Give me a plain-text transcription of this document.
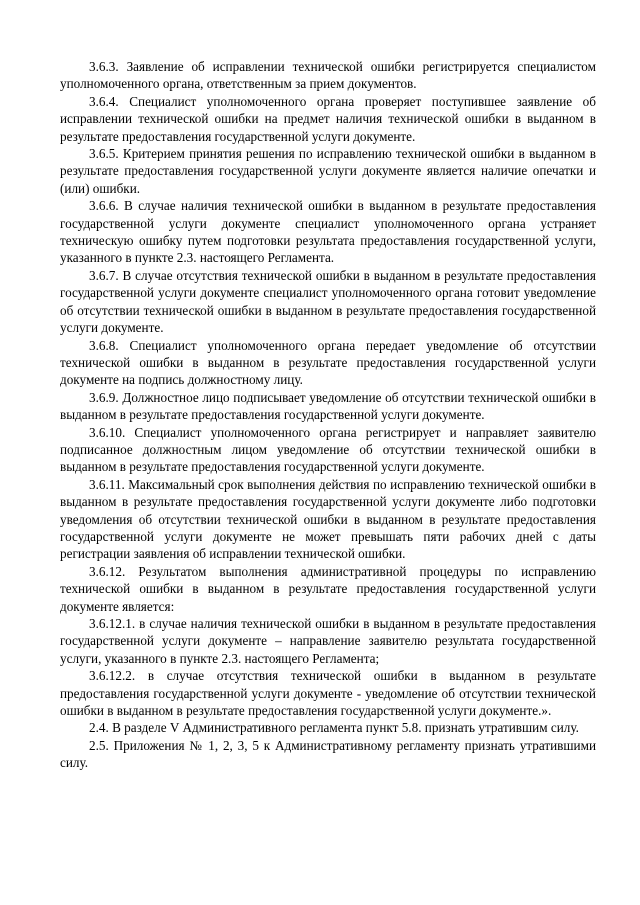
3.6.3. Заявление об исправлении технической ошибки регистрируется специалистом уполномоченного органа, ответственным за прием документов.

3.6.4. Специалист уполномоченного органа проверяет поступившее заявление об исправлении технической ошибки на предмет наличия технической ошибки в выданном в результате предоставления государственной услуги документе.

3.6.5. Критерием принятия решения по исправлению технической ошибки в выданном в результате предоставления государственной услуги документе является наличие опечатки и (или) ошибки.

3.6.6. В случае наличия технической ошибки в выданном в результате предоставления государственной услуги документе специалист уполномоченного органа устраняет техническую ошибку путем подготовки результата предоставления государственной услуги, указанного в пункте 2.3. настоящего Регламента.

3.6.7. В случае отсутствия технической ошибки в выданном в результате предоставления государственной услуги документе специалист уполномоченного органа готовит уведомление об отсутствии технической ошибки в выданном в результате предоставления государственной услуги документе.

3.6.8. Специалист уполномоченного органа передает уведомление об отсутствии технической ошибки в выданном в результате предоставления государственной услуги документе на подпись должностному лицу.

3.6.9. Должностное лицо подписывает уведомление об отсутствии технической ошибки в выданном в результате предоставления государственной услуги документе.

3.6.10. Специалист уполномоченного органа регистрирует и направляет заявителю подписанное должностным лицом уведомление об отсутствии технической ошибки в выданном в результате предоставления государственной услуги документе.

3.6.11. Максимальный срок выполнения действия по исправлению технической ошибки в выданном в результате предоставления государственной услуги документе либо подготовки уведомления об отсутствии технической ошибки в выданном в результате предоставления государственной услуги документе не может превышать пяти рабочих дней с даты регистрации заявления об исправлении технической ошибки.

3.6.12. Результатом выполнения административной процедуры по исправлению технической ошибки в выданном в результате предоставления государственной услуги документе является:

3.6.12.1. в случае наличия технической ошибки в выданном в результате предоставления государственной услуги документе – направление заявителю результата государственной услуги, указанного в пункте 2.3. настоящего Регламента;

3.6.12.2. в случае отсутствия технической ошибки в выданном в результате предоставления государственной услуги документе - уведомление об отсутствии технической ошибки в выданном в результате предоставления государственной услуги документе.».

2.4. В разделе V Административного регламента пункт 5.8. признать утратившим силу.

2.5. Приложения № 1, 2, 3, 5 к Административному регламенту признать утратившими силу.
